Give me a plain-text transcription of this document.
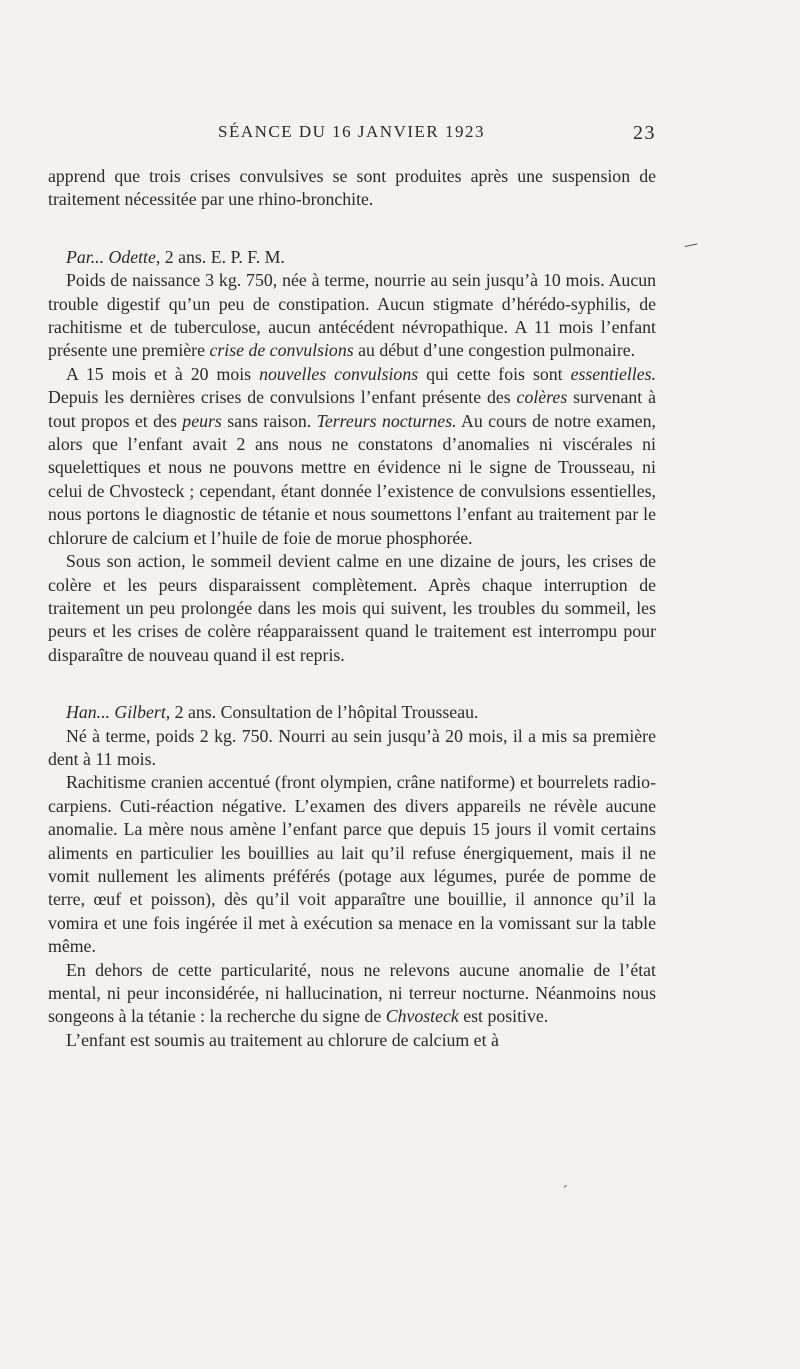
SÉANCE DU 16 JANVIER 1923	23

apprend que trois crises convulsives se sont produites après une suspension de traitement nécessitée par une rhino-bronchite.

Par... Odette, 2 ans. E. P. F. M.

Poids de naissance 3 kg. 750, née à terme, nourrie au sein jusqu’à 10 mois. Aucun trouble digestif qu’un peu de constipation. Aucun stigmate d’hérédo-syphilis, de rachitisme et de tuberculose, aucun antécédent névropathique. A 11 mois l’enfant présente une première crise de convulsions au début d’une congestion pulmonaire.

A 15 mois et à 20 mois nouvelles convulsions qui cette fois sont essentielles. Depuis les dernières crises de convulsions l’enfant présente des colères survenant à tout propos et des peurs sans raison. Terreurs nocturnes. Au cours de notre examen, alors que l’enfant avait 2 ans nous ne constatons d’anomalies ni viscérales ni squelettiques et nous ne pouvons mettre en évidence ni le signe de Trousseau, ni celui de Chvosteck ; cependant, étant donnée l’existence de convulsions essentielles, nous portons le diagnostic de tétanie et nous soumettons l’enfant au traitement par le chlorure de calcium et l’huile de foie de morue phosphorée.

Sous son action, le sommeil devient calme en une dizaine de jours, les crises de colère et les peurs disparaissent complètement. Après chaque interruption de traitement un peu prolongée dans les mois qui suivent, les troubles du sommeil, les peurs et les crises de colère réapparaissent quand le traitement est interrompu pour disparaître de nouveau quand il est repris.

Han... Gilbert, 2 ans. Consultation de l’hôpital Trousseau.

Né à terme, poids 2 kg. 750. Nourri au sein jusqu’à 20 mois, il a mis sa première dent à 11 mois.

Rachitisme cranien accentué (front olympien, crâne natiforme) et bourrelets radio-carpiens. Cuti-réaction négative. L’examen des divers appareils ne révèle aucune anomalie. La mère nous amène l’enfant parce que depuis 15 jours il vomit certains aliments en particulier les bouillies au lait qu’il refuse énergiquement, mais il ne vomit nullement les aliments préférés (potage aux légumes, purée de pomme de terre, œuf et poisson), dès qu’il voit apparaître une bouillie, il annonce qu’il la vomira et une fois ingérée il met à exécution sa menace en la vomissant sur la table même.

En dehors de cette particularité, nous ne relevons aucune anomalie de l’état mental, ni peur inconsidérée, ni hallucination, ni terreur nocturne. Néanmoins nous songeons à la tétanie : la recherche du signe de Chvosteck est positive.

L’enfant est soumis au traitement au chlorure de calcium et à

—
´
